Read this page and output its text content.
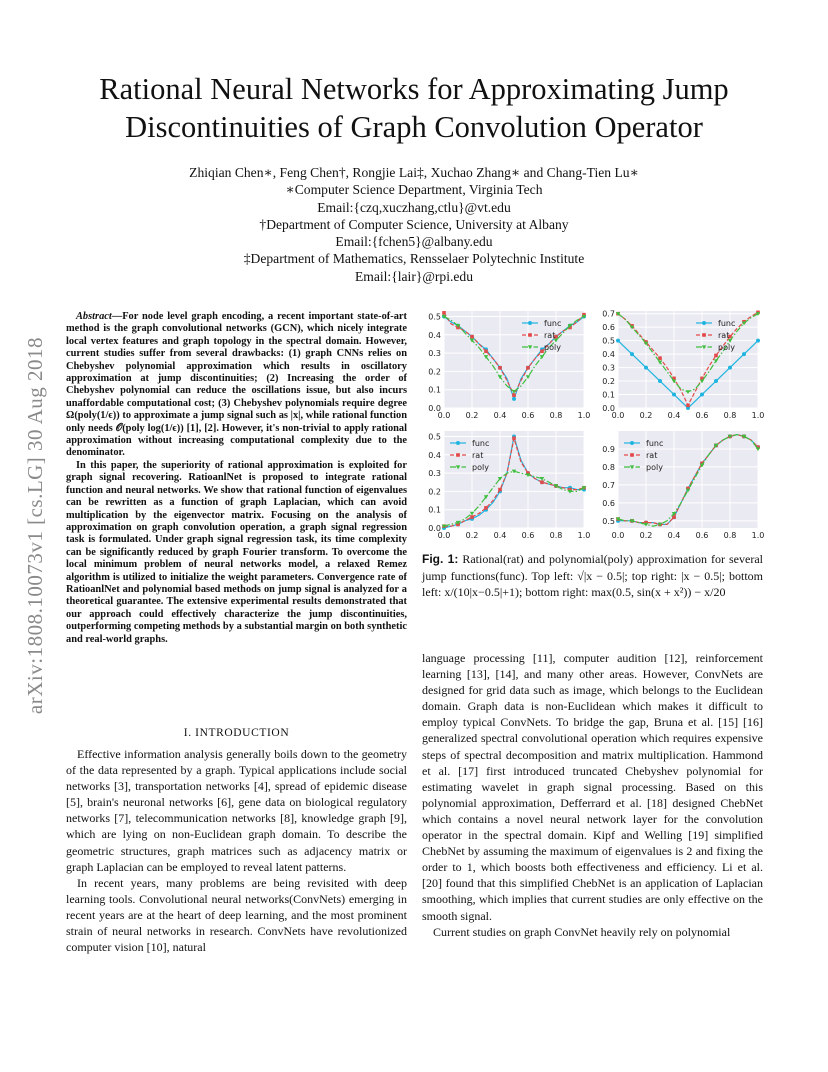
arXiv:1808.10073v1 [cs.LG] 30 Aug 2018
Rational Neural Networks for Approximating Jump Discontinuities of Graph Convolution Operator
Zhiqian Chen∗, Feng Chen†, Rongjie Lai‡, Xuchao Zhang∗ and Chang-Tien Lu∗
∗Computer Science Department, Virginia Tech
Email:{czq,xuczhang,ctlu}@vt.edu
†Department of Computer Science, University at Albany
Email:{fchen5}@albany.edu
‡Department of Mathematics, Rensselaer Polytechnic Institute
Email:{lair}@rpi.edu

Abstract—For node level graph encoding, a recent important state-of-art method is the graph convolutional networks (GCN), which nicely integrate local vertex features and graph topology in the spectral domain. However, current studies suffer from several drawbacks: (1) graph CNNs relies on Chebyshev polynomial approximation which results in oscillatory approximation at jump discontinuities; (2) Increasing the order of Chebyshev polynomial can reduce the oscillations issue, but also incurs unaffordable computational cost; (3) Chebyshev polynomials require degree Ω(poly(1/ϵ)) to approximate a jump signal such as |x|, while rational function only needs 𝒪(poly log(1/ϵ)) [1], [2]. However, it's non-trivial to apply rational approximation without increasing computational complexity due to the denominator.

In this paper, the superiority of rational approximation is exploited for graph signal recovering. RatioanlNet is proposed to integrate rational function and neural networks. We show that rational function of eigenvalues can be rewritten as a function of graph Laplacian, which can avoid multiplication by the eigenvector matrix. Focusing on the analysis of approximation on graph convolution operation, a graph signal regression task is formulated. Under graph signal regression task, its time complexity can be significantly reduced by graph Fourier transform. To overcome the local minimum problem of neural networks model, a relaxed Remez algorithm is utilized to initialize the weight parameters. Convergence rate of RatioanlNet and polynomial based methods on jump signal is analyzed for a theoretical guarantee. The extensive experimental results demonstrated that our approach could effectively characterize the jump discontinuities, outperforming competing methods by a substantial margin on both synthetic and real-world graphs.

I. INTRODUCTION

Effective information analysis generally boils down to the geometry of the data represented by a graph. Typical applications include social networks [3], transportation networks [4], spread of epidemic disease [5], brain's neuronal networks [6], gene data on biological regulatory networks [7], telecommunication networks [8], knowledge graph [9], which are lying on non-Euclidean graph domain. To describe the geometric structures, graph matrices such as adjacency matrix or graph Laplacian can be employed to reveal latent patterns.

In recent years, many problems are being revisited with deep learning tools. Convolutional neural networks(ConvNets) emerging in recent years are at the heart of deep learning, and the most prominent strain of neural networks in research. ConvNets have revolutionized computer vision [10], natural

0.0
0.1
0.2
0.3
0.4
0.5
0.0 0.2 0.4 0.6 0.8 1.0
func
rat
poly
0.0
0.1
0.2
0.3
0.4
0.5
0.6
0.7
0.0 0.2 0.4 0.6 0.8 1.0
func
rat
poly
0.0
0.1
0.2
0.3
0.4
0.5
0.0 0.2 0.4 0.6 0.8 1.0
func
rat
poly
0.5
0.6
0.7
0.8
0.9
0.0 0.2 0.4 0.6 0.8 1.0
func
rat
poly
Fig. 1: Rational(rat) and polynomial(poly) approximation for several jump functions(func). Top left: √|x − 0.5|; top right: |x − 0.5|; bottom left: x/(10|x−0.5|+1); bottom right: max(0.5, sin(x + x²)) − x/20

language processing [11], computer audition [12], reinforcement learning [13], [14], and many other areas. However, ConvNets are designed for grid data such as image, which belongs to the Euclidean domain. Graph data is non-Euclidean which makes it difficult to employ typical ConvNets. To bridge the gap, Bruna et al. [15] [16] generalized spectral convolutional operation which requires expensive steps of spectral decomposition and matrix multiplication. Hammond et al. [17] first introduced truncated Chebyshev polynomial for estimating wavelet in graph signal processing. Based on this polynomial approximation, Defferrard et al. [18] designed ChebNet which contains a novel neural network layer for the convolution operator in the spectral domain. Kipf and Welling [19] simplified ChebNet by assuming the maximum of eigenvalues is 2 and fixing the order to 1, which boosts both effectiveness and efficiency. Li et al. [20] found that this simplified ChebNet is an application of Laplacian smoothing, which implies that current studies are only effective on the smooth signal.

Current studies on graph ConvNet heavily rely on polynomial
